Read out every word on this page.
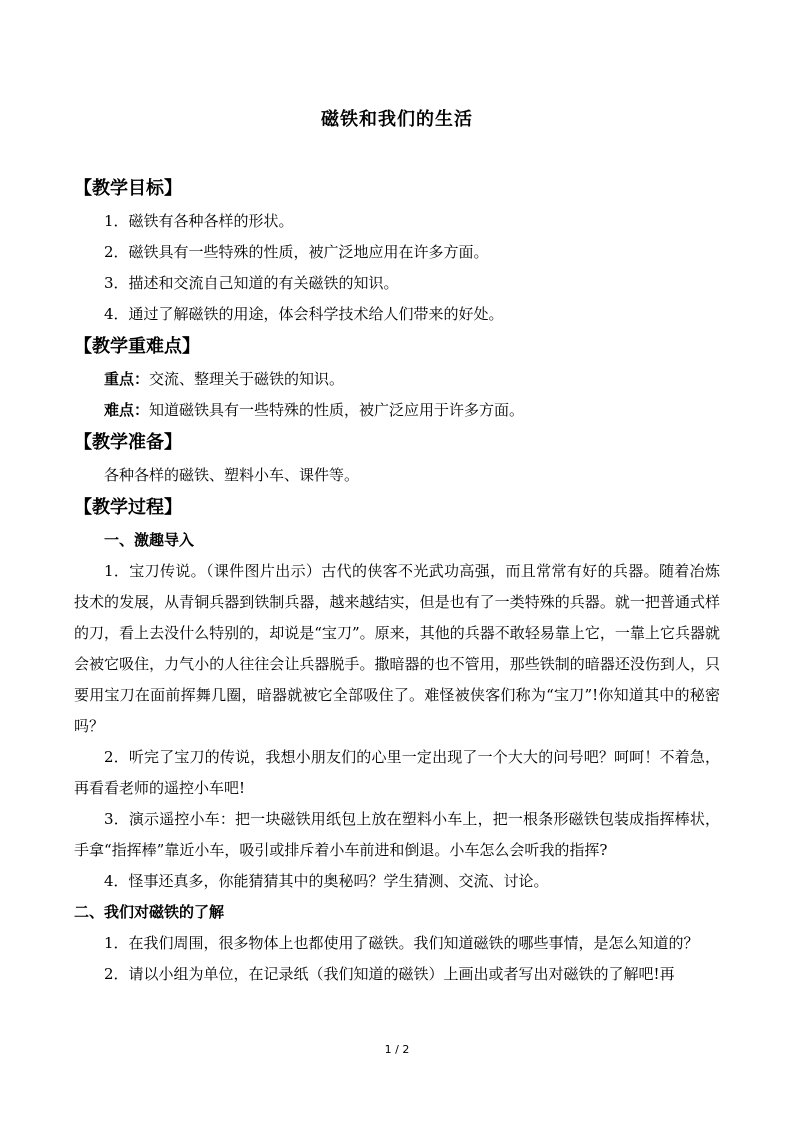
磁铁和我们的生活
【教学目标】
1．磁铁有各种各样的形状。
2．磁铁具有一些特殊的性质，被广泛地应用在许多方面。
3．描述和交流自己知道的有关磁铁的知识。
4．通过了解磁铁的用途，体会科学技术给人们带来的好处。
【教学重难点】
重点：交流、整理关于磁铁的知识。
难点：知道磁铁具有一些特殊的性质，被广泛应用于许多方面。
【教学准备】
各种各样的磁铁、塑料小车、课件等。
【教学过程】
一、激趣导入
1．宝刀传说。（课件图片出示）古代的侠客不光武功高强，而且常常有好的兵器。随着冶炼技术的发展，从青铜兵器到铁制兵器，越来越结实，但是也有了一类特殊的兵器。就一把普通式样的刀，看上去没什么特别的，却说是“宝刀”。原来，其他的兵器不敢轻易靠上它，一靠上它兵器就会被它吸住，力气小的人往往会让兵器脱手。撒暗器的也不管用，那些铁制的暗器还没伤到人，只要用宝刀在面前挥舞几圈，暗器就被它全部吸住了。难怪被侠客们称为“宝刀”!你知道其中的秘密吗？
2．听完了宝刀的传说，我想小朋友们的心里一定出现了一个大大的问号吧？呵呵！不着急，再看看老师的遥控小车吧!
3．演示遥控小车：把一块磁铁用纸包上放在塑料小车上，把一根条形磁铁包装成指挥棒状，手拿“指挥棒”靠近小车，吸引或排斥着小车前进和倒退。小车怎么会听我的指挥?
4．怪事还真多，你能猜猜其中的奥秘吗？学生猜测、交流、讨论。
二、我们对磁铁的了解
1．在我们周围，很多物体上也都使用了磁铁。我们知道磁铁的哪些事情，是怎么知道的？
2．请以小组为单位，在记录纸（我们知道的磁铁）上画出或者写出对磁铁的了解吧!再
1 / 2
